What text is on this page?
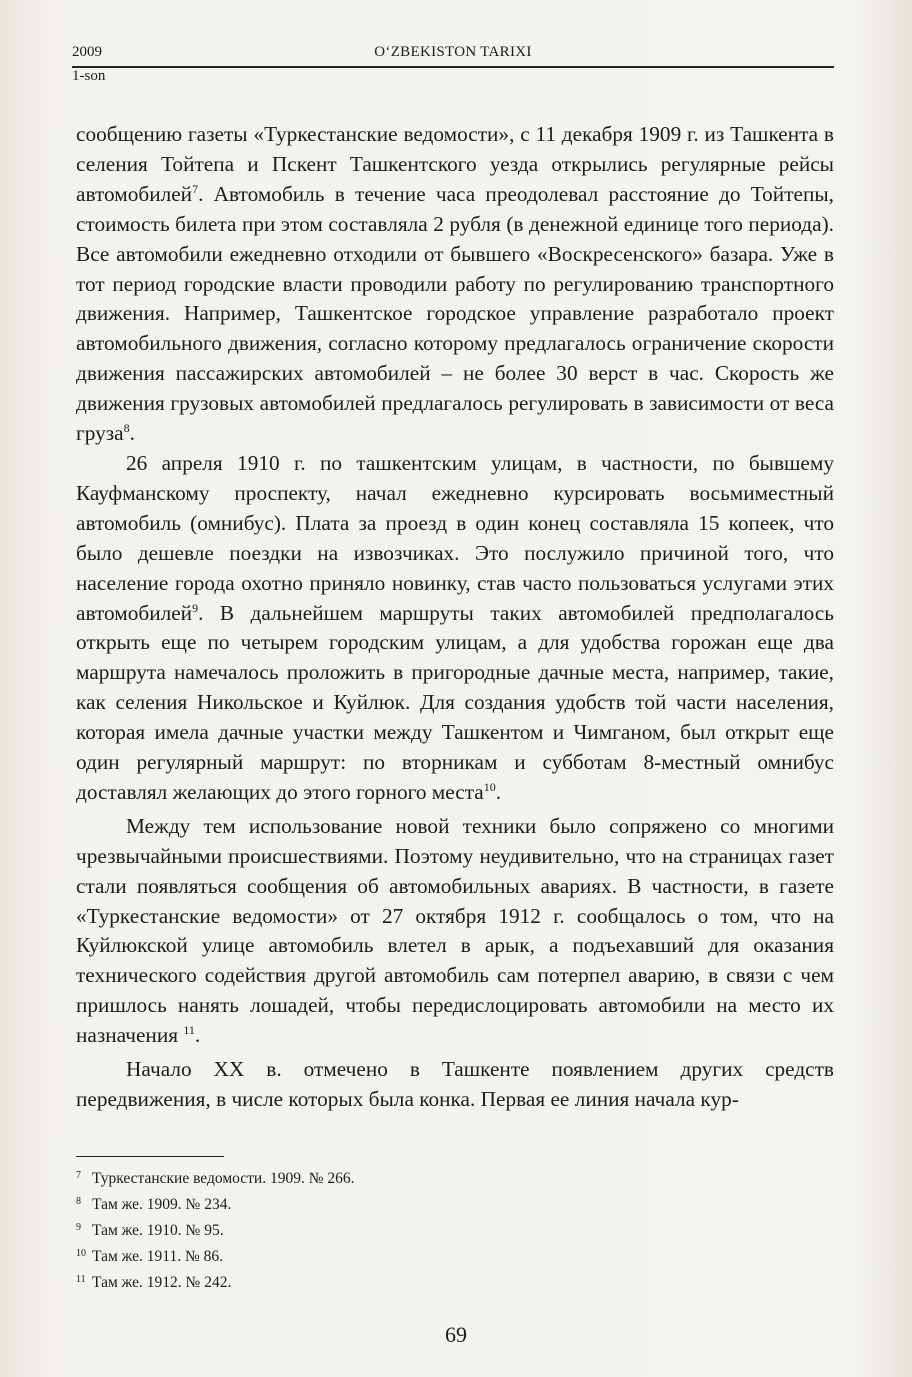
2009	O‘ZBEKISTON TARIXI
1-son

сообщению газеты «Туркестанские ведомости», с 11 декабря 1909 г. из Ташкента в селения Тойтепа и Пскент Ташкентского уезда открылись регулярные рейсы автомобилей$^7$. Автомобиль в течение часа преодолевал расстояние до Тойтепы, стоимость билета при этом составляла 2 рубля (в денежной единице того периода). Все автомобили ежедневно отходили от бывшего «Воскресенского» базара. Уже в тот период городские власти проводили работу по регулированию транспортного движения. Например, Ташкентское городское управление разработало проект автомобильного движения, согласно которому предлагалось ограничение скорости движения пассажирских автомобилей – не более 30 верст в час. Скорость же движения грузовых автомобилей предлагалось регулировать в зависимости от веса груза$^8$.

26 апреля 1910 г. по ташкентским улицам, в частности, по бывшему Кауфманскому проспекту, начал ежедневно курсировать восьмиместный автомобиль (омнибус). Плата за проезд в один конец составляла 15 копеек, что было дешевле поездки на извозчиках. Это послужило причиной того, что население города охотно приняло новинку, став часто пользоваться услугами этих автомобилей$^9$. В дальнейшем маршруты таких автомобилей предполагалось открыть еще по четырем городским улицам, а для удобства горожан еще два маршрута намечалось проложить в пригородные дачные места, например, такие, как селения Никольское и Куйлюк. Для создания удобств той части населения, которая имела дачные участки между Ташкентом и Чимганом, был открыт еще один регулярный маршрут: по вторникам и субботам 8-местный омнибус доставлял желающих до этого горного места$^{10}$.

Между тем использование новой техники было сопряжено со многими чрезвычайными происшествиями. Поэтому неудивительно, что на страницах газет стали появляться сообщения об автомобильных авариях. В частности, в газете «Туркестанские ведомости» от 27 октября 1912 г. сообщалось о том, что на Куйлюкской улице автомобиль влетел в арык, а подъехавший для оказания технического содействия другой автомобиль сам потерпел аварию, в связи с чем пришлось нанять лошадей, чтобы передислоцировать автомобили на место их назначения $^{11}$.

Начало XX в. отмечено в Ташкенте появлением других средств передвижения, в числе которых была конка. Первая ее линия начала кур-

7 Туркестанские ведомости. 1909. № 266.
8 Там же. 1909. № 234.
9 Там же. 1910. № 95.
10 Там же. 1911. № 86.
11 Там же. 1912. № 242.
69
